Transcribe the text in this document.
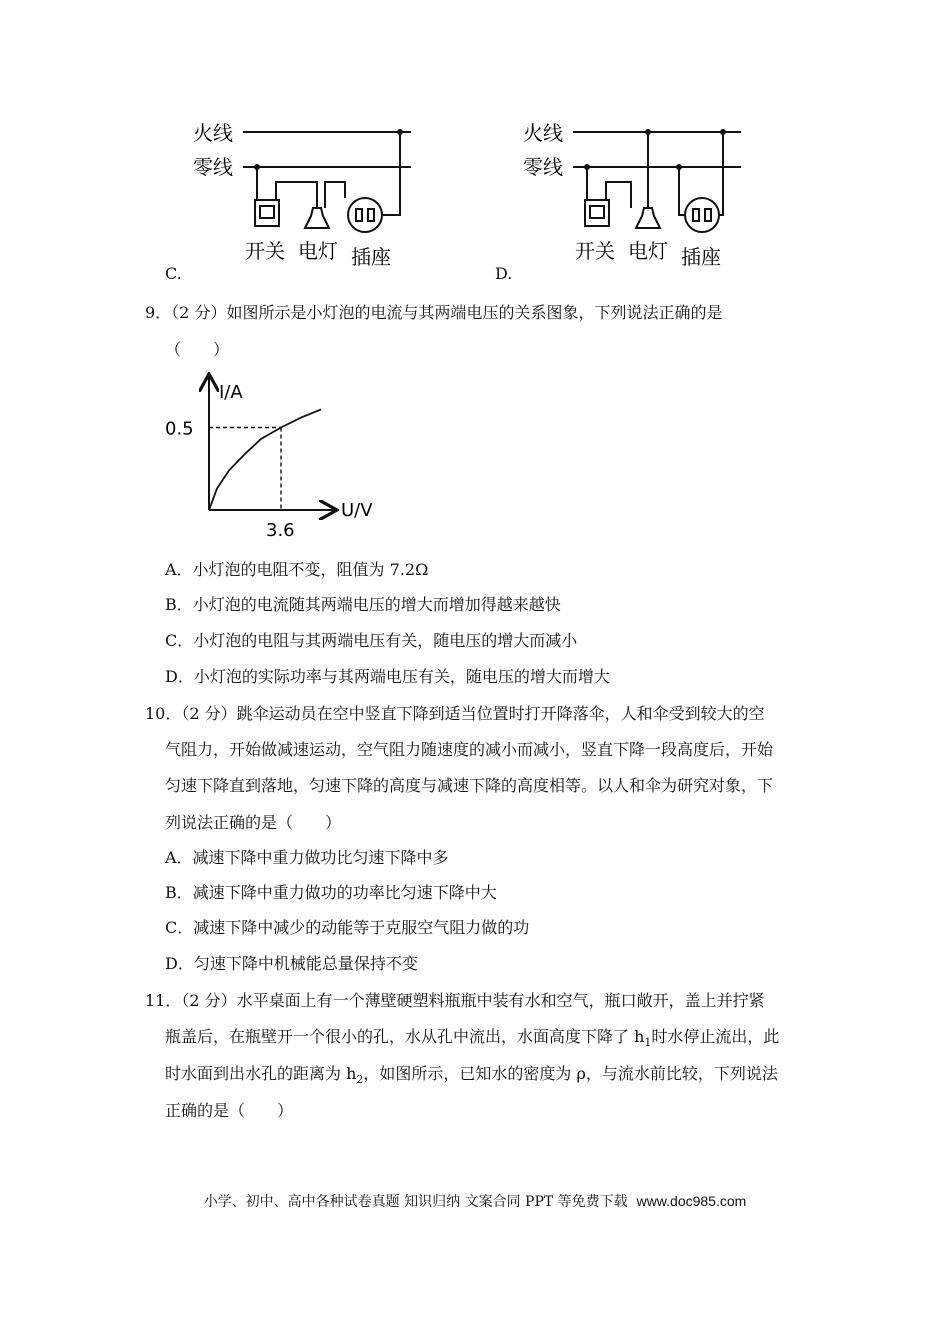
火线
零线
开关 电灯 插座
C.
火线
零线
开关 电灯 插座
D.
9．（2 分）如图所示是小灯泡的电流与其两端电压的关系图象，下列说法正确的是
（　　）
I/A
U/V
0.5
3.6
A．小灯泡的电阻不变，阻值为 7.2Ω
B．小灯泡的电流随其两端电压的增大而增加得越来越快
C．小灯泡的电阻与其两端电压有关，随电压的增大而减小
D．小灯泡的实际功率与其两端电压有关，随电压的增大而增大
10．（2 分）跳伞运动员在空中竖直下降到适当位置时打开降落伞，人和伞受到较大的空
气阻力，开始做减速运动，空气阻力随速度的减小而减小，竖直下降一段高度后，开始
匀速下降直到落地，匀速下降的高度与减速下降的高度相等。以人和伞为研究对象，下
列说法正确的是（　　）
A．减速下降中重力做功比匀速下降中多
B．减速下降中重力做功的功率比匀速下降中大
C．减速下降中减少的动能等于克服空气阻力做的功
D．匀速下降中机械能总量保持不变
11．（2 分）水平桌面上有一个薄壁硬塑料瓶瓶中装有水和空气，瓶口敞开，盖上并拧紧
瓶盖后，在瓶壁开一个很小的孔，水从孔中流出，水面高度下降了 $h_1$时水停止流出，此
时水面到出水孔的距离为 $h_2$，如图所示，已知水的密度为 ρ，与流水前比较，下列说法
正确的是（　　）
小学、初中、高中各种试卷真题 知识归纳 文案合同 PPT 等免费下载 www.doc985.com
